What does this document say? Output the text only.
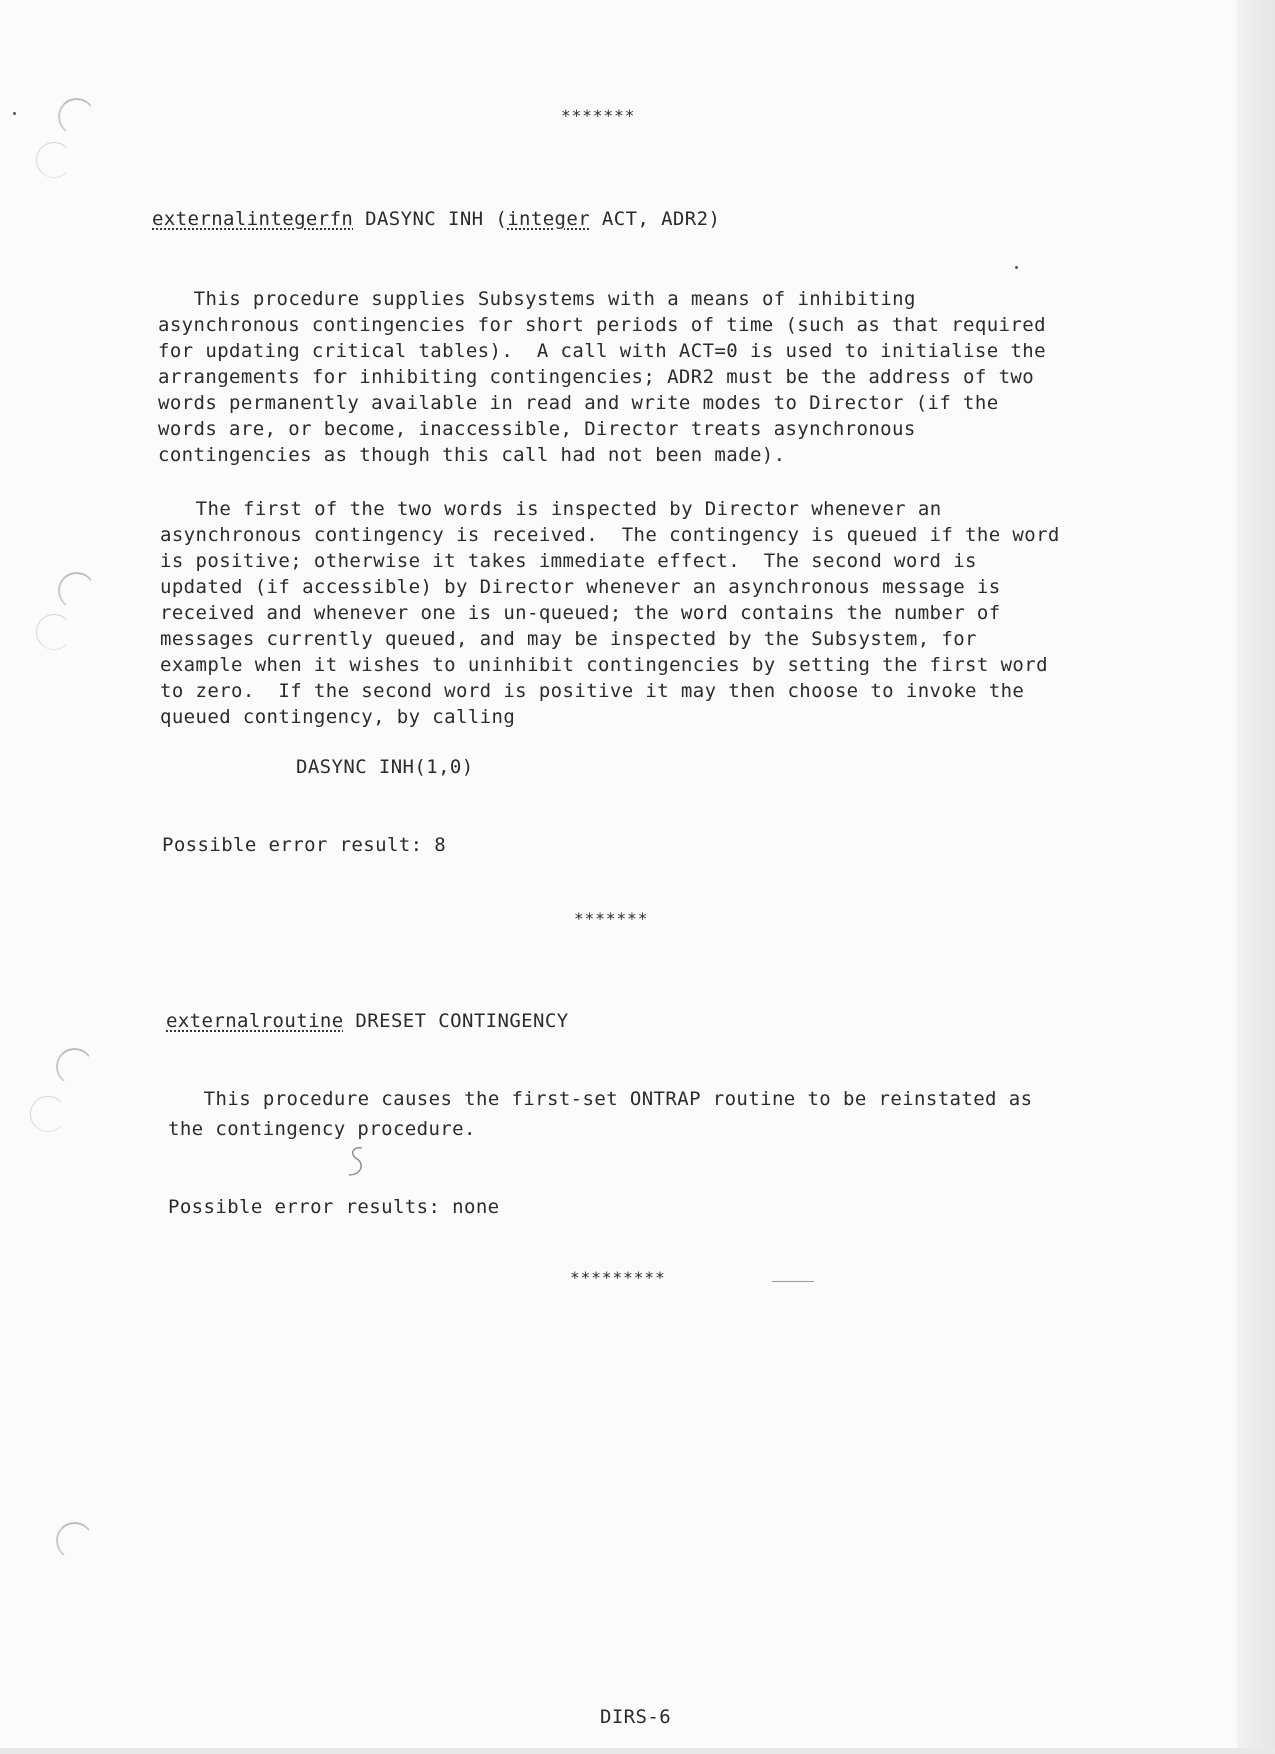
*******
externalintegerfn DASYNC INH (integer ACT, ADR2)
This procedure supplies Subsystems with a means of inhibiting
asynchronous contingencies for short periods of time (such as that required
for updating critical tables).  A call with ACT=0 is used to initialise the
arrangements for inhibiting contingencies; ADR2 must be the address of two
words permanently available in read and write modes to Director (if the
words are, or become, inaccessible, Director treats asynchronous
contingencies as though this call had not been made).
The first of the two words is inspected by Director whenever an
asynchronous contingency is received.  The contingency is queued if the word
is positive; otherwise it takes immediate effect.  The second word is
updated (if accessible) by Director whenever an asynchronous message is
received and whenever one is un-queued; the word contains the number of
messages currently queued, and may be inspected by the Subsystem, for
example when it wishes to uninhibit contingencies by setting the first word
to zero.  If the second word is positive it may then choose to invoke the
queued contingency, by calling
DASYNC INH(1,0)
Possible error result: 8
*******
externalroutine DRESET CONTINGENCY
This procedure causes the first-set ONTRAP routine to be reinstated as
the contingency procedure.
Possible error results: none
*********
DIRS-6
